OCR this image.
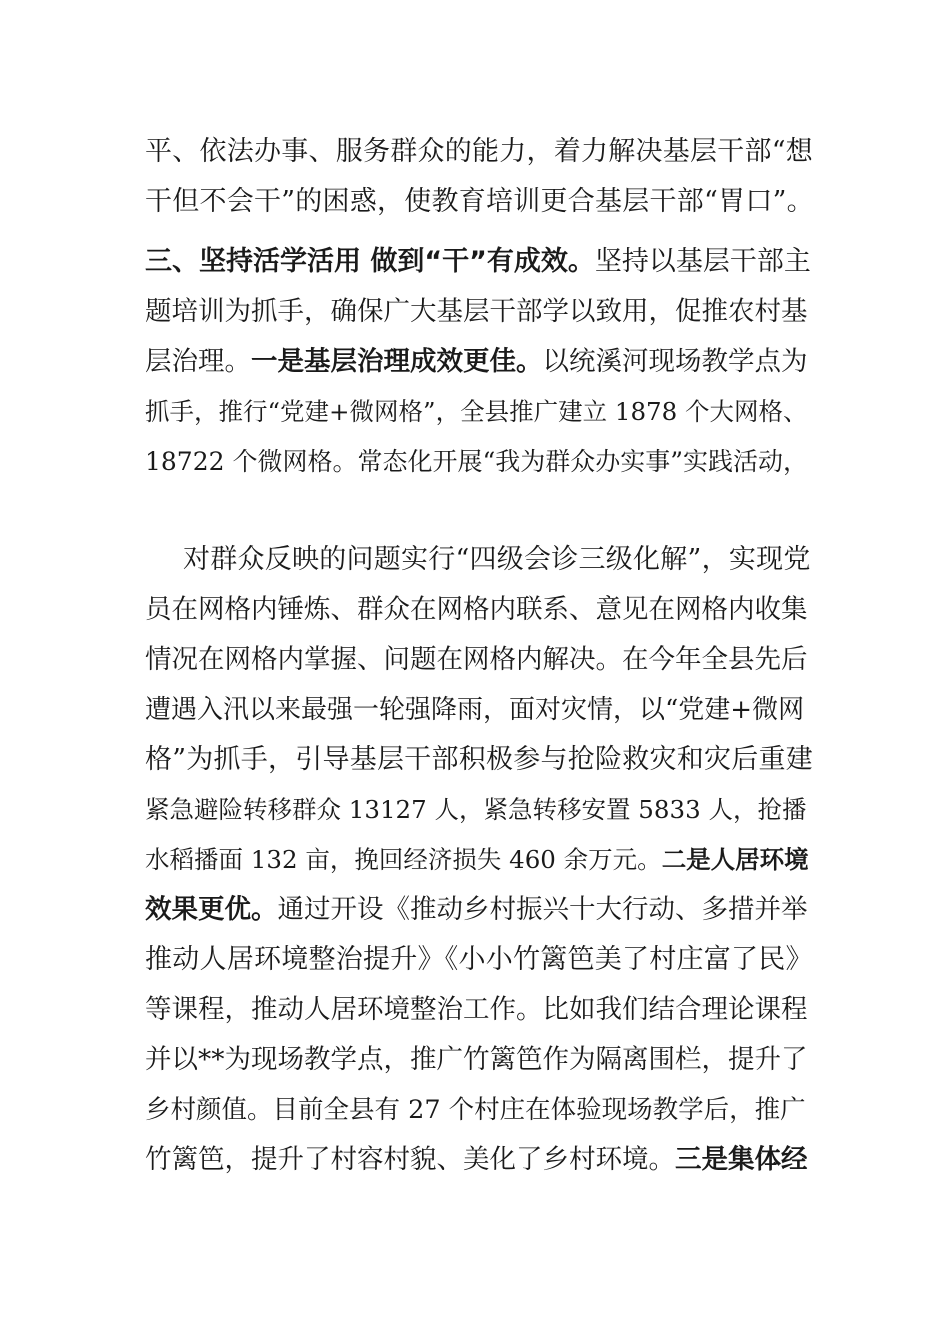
平、依法办事、服务群众的能力，着力解决基层干部“想
干但不会干”的困惑，使教育培训更合基层干部“胃口”。
三、坚持活学活用 做到“干”有成效。坚持以基层干部主
题培训为抓手，确保广大基层干部学以致用，促推农村基
层治理。一是基层治理成效更佳。以统溪河现场教学点为
抓手，推行“党建+微网格”，全县推广建立 1878 个大网格、
18722 个微网格。常态化开展“我为群众办实事”实践活动，
对群众反映的问题实行“四级会诊三级化解”，实现党
员在网格内锤炼、群众在网格内联系、意见在网格内收集
情况在网格内掌握、问题在网格内解决。在今年全县先后
遭遇入汛以来最强一轮强降雨，面对灾情，以“党建+微网
格”为抓手，引导基层干部积极参与抢险救灾和灾后重建
紧急避险转移群众 13127 人，紧急转移安置 5833 人，抢播
水稻播面 132 亩，挽回经济损失 460 余万元。二是人居环境
效果更优。通过开设《推动乡村振兴十大行动、多措并举
推动人居环境整治提升》《小小竹篱笆美了村庄富了民》
等课程，推动人居环境整治工作。比如我们结合理论课程
并以**为现场教学点，推广竹篱笆作为隔离围栏，提升了
乡村颜值。目前全县有 27 个村庄在体验现场教学后，推广
竹篱笆，提升了村容村貌、美化了乡村环境。三是集体经
